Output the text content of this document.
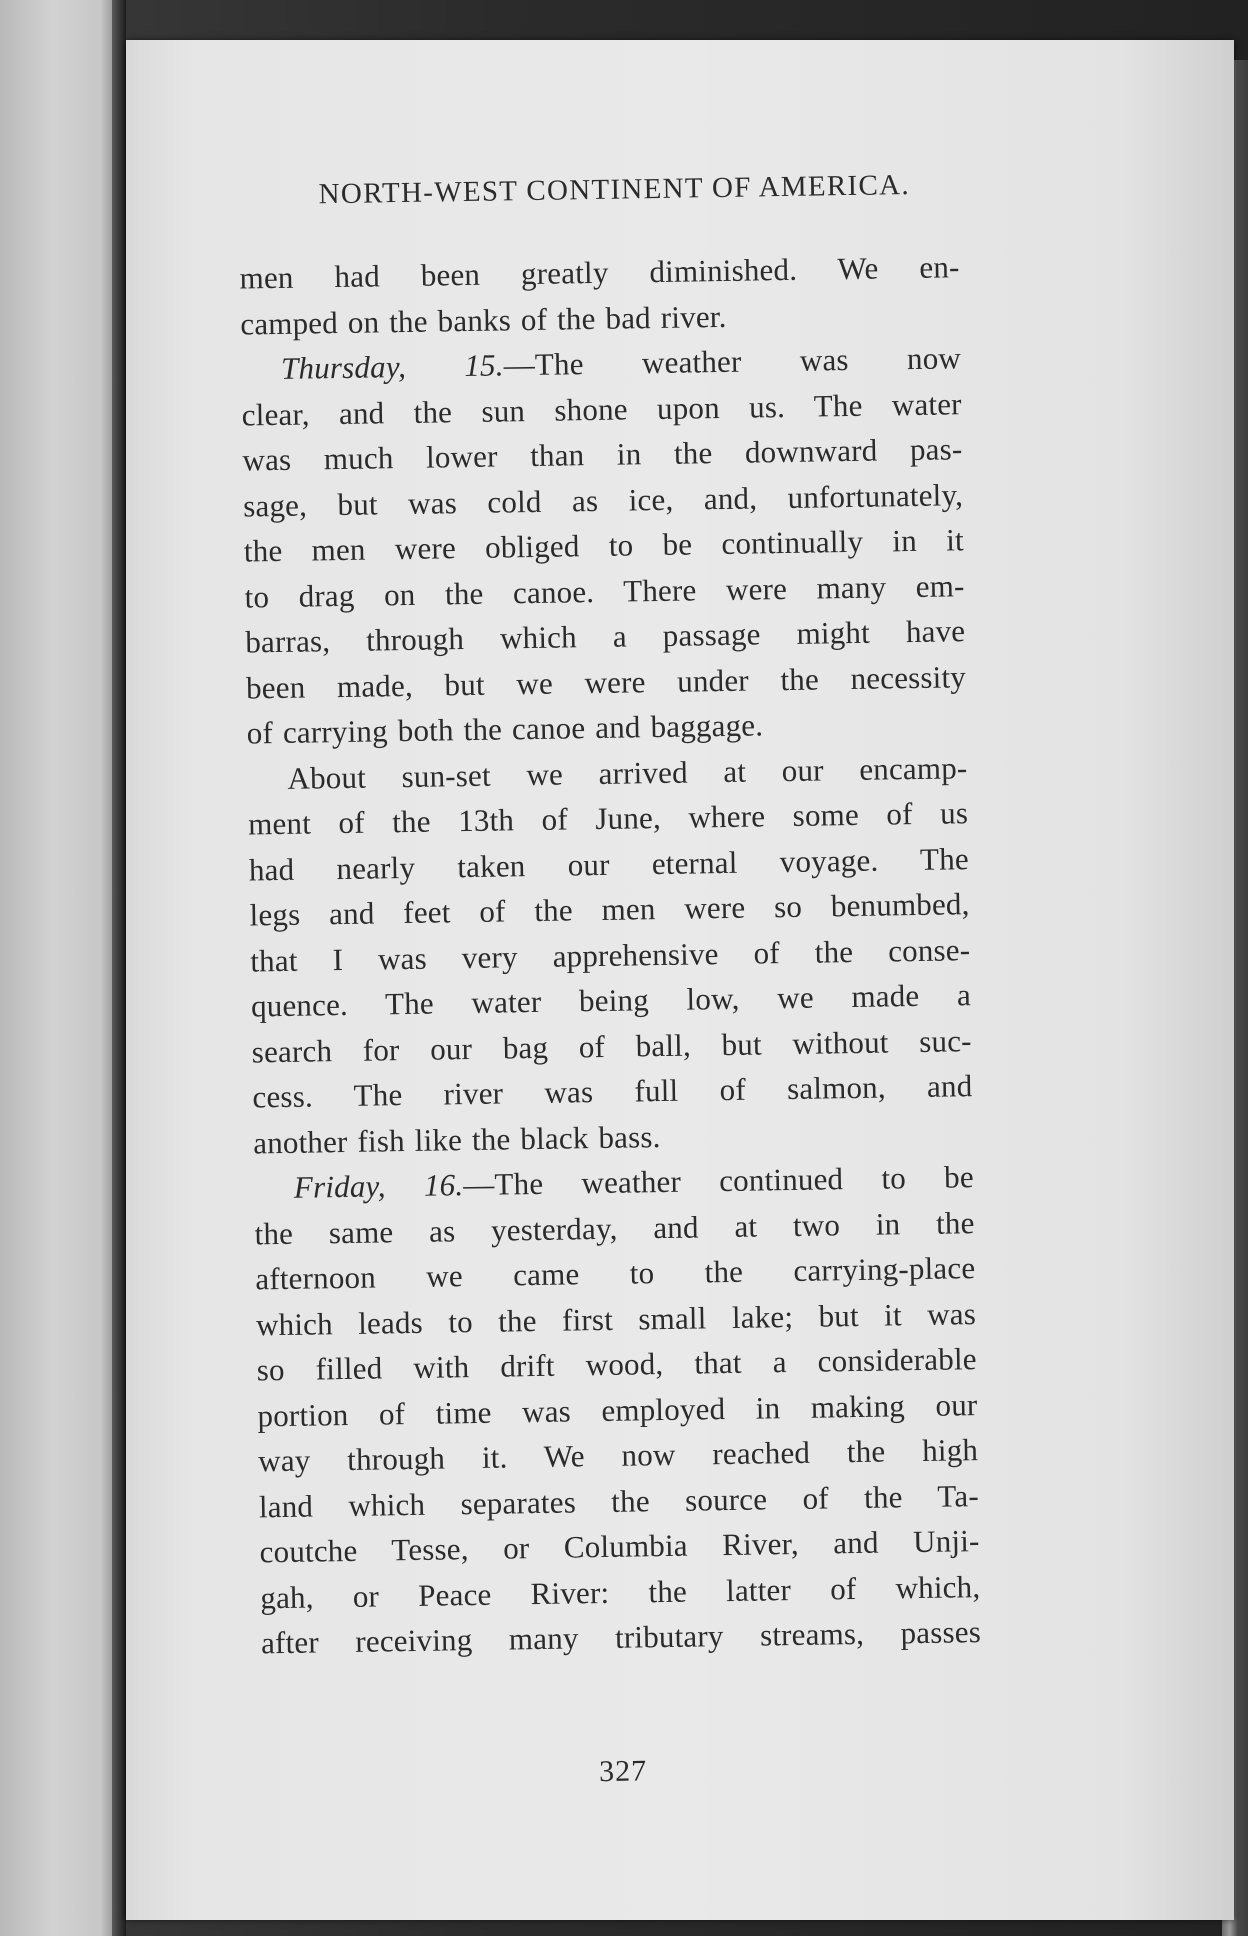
NORTH-WEST CONTINENT OF AMERICA.
men had been greatly diminished. We en-
camped on the banks of the bad river.
Thursday, 15.—The weather was now
clear, and the sun shone upon us. The water
was much lower than in the downward pas-
sage, but was cold as ice, and, unfortunately,
the men were obliged to be continually in it
to drag on the canoe. There were many em-
barras, through which a passage might have
been made, but we were under the necessity
of carrying both the canoe and baggage.
About sun-set we arrived at our encamp-
ment of the 13th of June, where some of us
had nearly taken our eternal voyage. The
legs and feet of the men were so benumbed,
that I was very apprehensive of the conse-
quence. The water being low, we made a
search for our bag of ball, but without suc-
cess. The river was full of salmon, and
another fish like the black bass.
Friday, 16.—The weather continued to be
the same as yesterday, and at two in the
afternoon we came to the carrying-place
which leads to the first small lake; but it was
so filled with drift wood, that a considerable
portion of time was employed in making our
way through it. We now reached the high
land which separates the source of the Ta-
coutche Tesse, or Columbia River, and Unji-
gah, or Peace River: the latter of which,
after receiving many tributary streams, passes
327
